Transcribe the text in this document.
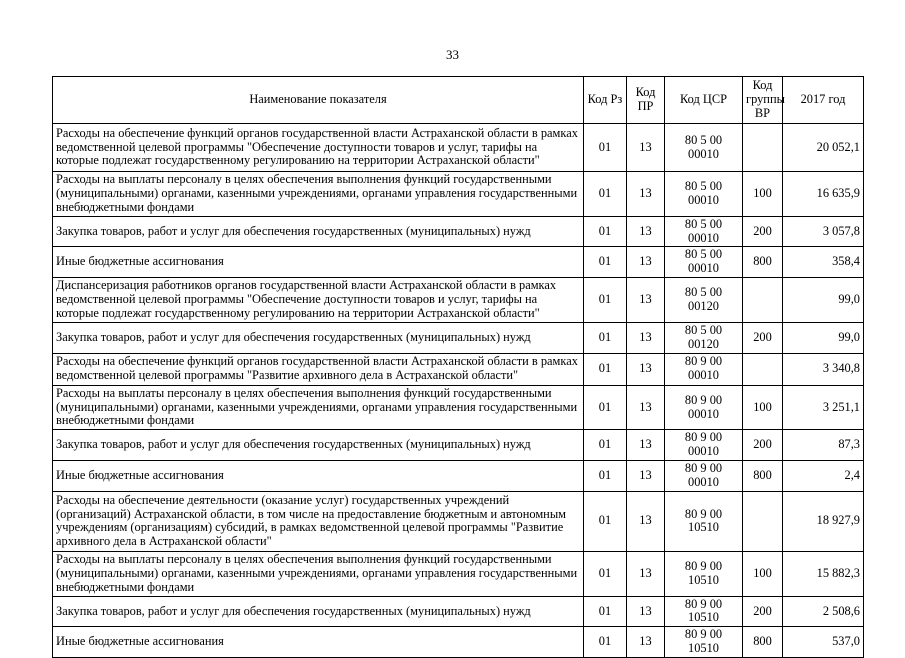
33
Наименование показателя	Код Рз	Код ПР	Код ЦСР	Код группы ВР	2017 год
Расходы на обеспечение функций органов государственной власти Астраханской области в рамках ведомственной целевой программы "Обеспечение доступности товаров и услуг, тарифы на которые подлежат государственному регулированию на территории Астраханской области"	01	13	80 5 00 00010		20 052,1
Расходы на выплаты персоналу в целях обеспечения выполнения функций государственными (муниципальными) органами, казенными учреждениями, органами управления государственными внебюджетными фондами	01	13	80 5 00 00010	100	16 635,9
Закупка товаров, работ и услуг для обеспечения государственных (муниципальных) нужд	01	13	80 5 00 00010	200	3 057,8
Иные бюджетные ассигнования	01	13	80 5 00 00010	800	358,4
Диспансеризация работников органов государственной власти Астраханской области в рамках ведомственной целевой программы "Обеспечение доступности товаров и услуг, тарифы на которые подлежат государственному регулированию на территории Астраханской области"	01	13	80 5 00 00120		99,0
Закупка товаров, работ и услуг для обеспечения государственных (муниципальных) нужд	01	13	80 5 00 00120	200	99,0
Расходы на обеспечение функций органов государственной власти Астраханской области в рамках ведомственной целевой программы "Развитие архивного дела в Астраханской области"	01	13	80 9 00 00010		3 340,8
Расходы на выплаты персоналу в целях обеспечения выполнения функций государственными (муниципальными) органами, казенными учреждениями, органами управления государственными внебюджетными фондами	01	13	80 9 00 00010	100	3 251,1
Закупка товаров, работ и услуг для обеспечения государственных (муниципальных) нужд	01	13	80 9 00 00010	200	87,3
Иные бюджетные ассигнования	01	13	80 9 00 00010	800	2,4
Расходы на обеспечение деятельности (оказание услуг) государственных учреждений (организаций) Астраханской области, в том числе на предоставление бюджетным и автономным учреждениям (организациям) субсидий, в рамках ведомственной целевой программы "Развитие архивного дела в Астраханской области"	01	13	80 9 00 10510		18 927,9
Расходы на выплаты персоналу в целях обеспечения выполнения функций государственными (муниципальными) органами, казенными учреждениями, органами управления государственными внебюджетными фондами	01	13	80 9 00 10510	100	15 882,3
Закупка товаров, работ и услуг для обеспечения государственных (муниципальных) нужд	01	13	80 9 00 10510	200	2 508,6
Иные бюджетные ассигнования	01	13	80 9 00 10510	800	537,0
